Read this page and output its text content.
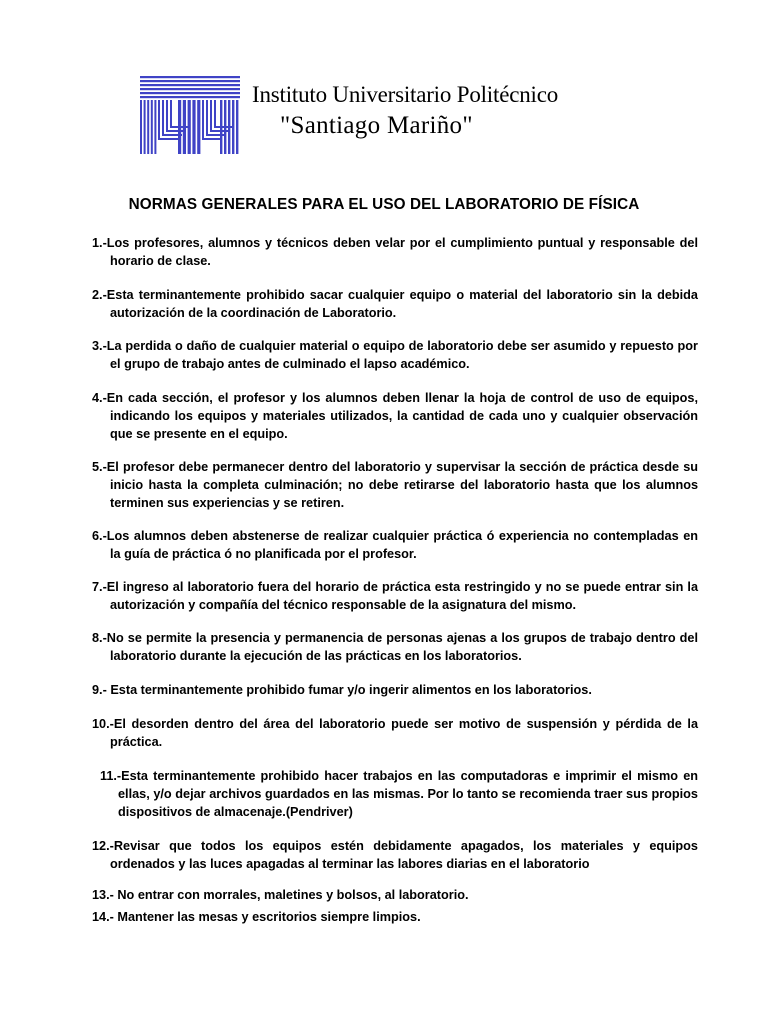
Instituto Universitario Politécnico
"Santiago Mariño"
NORMAS GENERALES PARA EL USO DEL LABORATORIO DE FÍSICA
1.-Los profesores, alumnos y técnicos deben velar por el cumplimiento puntual y responsable del horario de clase.
2.-Esta terminantemente prohibido sacar cualquier equipo o material del laboratorio sin la debida autorización de la coordinación de Laboratorio.
3.-La perdida o daño de cualquier material o equipo de laboratorio debe ser asumido y repuesto por el grupo de trabajo antes de culminado el lapso académico.
4.-En cada sección, el profesor y los alumnos deben llenar la hoja de control de uso de equipos, indicando los equipos y materiales utilizados, la cantidad de cada uno y cualquier observación que se presente en el equipo.
5.-El profesor debe permanecer dentro del laboratorio y supervisar la sección de práctica desde su inicio hasta la completa culminación; no debe retirarse del laboratorio hasta que los alumnos terminen sus experiencias y se retiren.
6.-Los alumnos deben abstenerse de realizar cualquier práctica ó experiencia no contempladas en la guía de práctica ó no planificada por el profesor.
7.-El ingreso al laboratorio fuera del horario de práctica esta restringido y no se puede entrar sin la autorización y compañía del técnico responsable de la asignatura del mismo.
8.-No se permite la presencia y permanencia de personas ajenas a los grupos de trabajo dentro del laboratorio durante la ejecución de las prácticas en los laboratorios.
9.- Esta terminantemente prohibido fumar y/o ingerir alimentos en los laboratorios.
10.-El desorden dentro del área del laboratorio puede ser motivo de suspensión y pérdida de la práctica.
11.-Esta terminantemente prohibido hacer trabajos en las computadoras e imprimir el mismo en ellas, y/o dejar archivos guardados en las mismas. Por lo tanto se recomienda traer sus propios dispositivos de almacenaje.(Pendriver)
12.-Revisar que todos los equipos estén debidamente apagados, los materiales y equipos ordenados y las luces apagadas al terminar las labores diarias en el laboratorio
13.- No entrar con morrales, maletines y bolsos, al laboratorio.
14.- Mantener las mesas y escritorios siempre limpios.
